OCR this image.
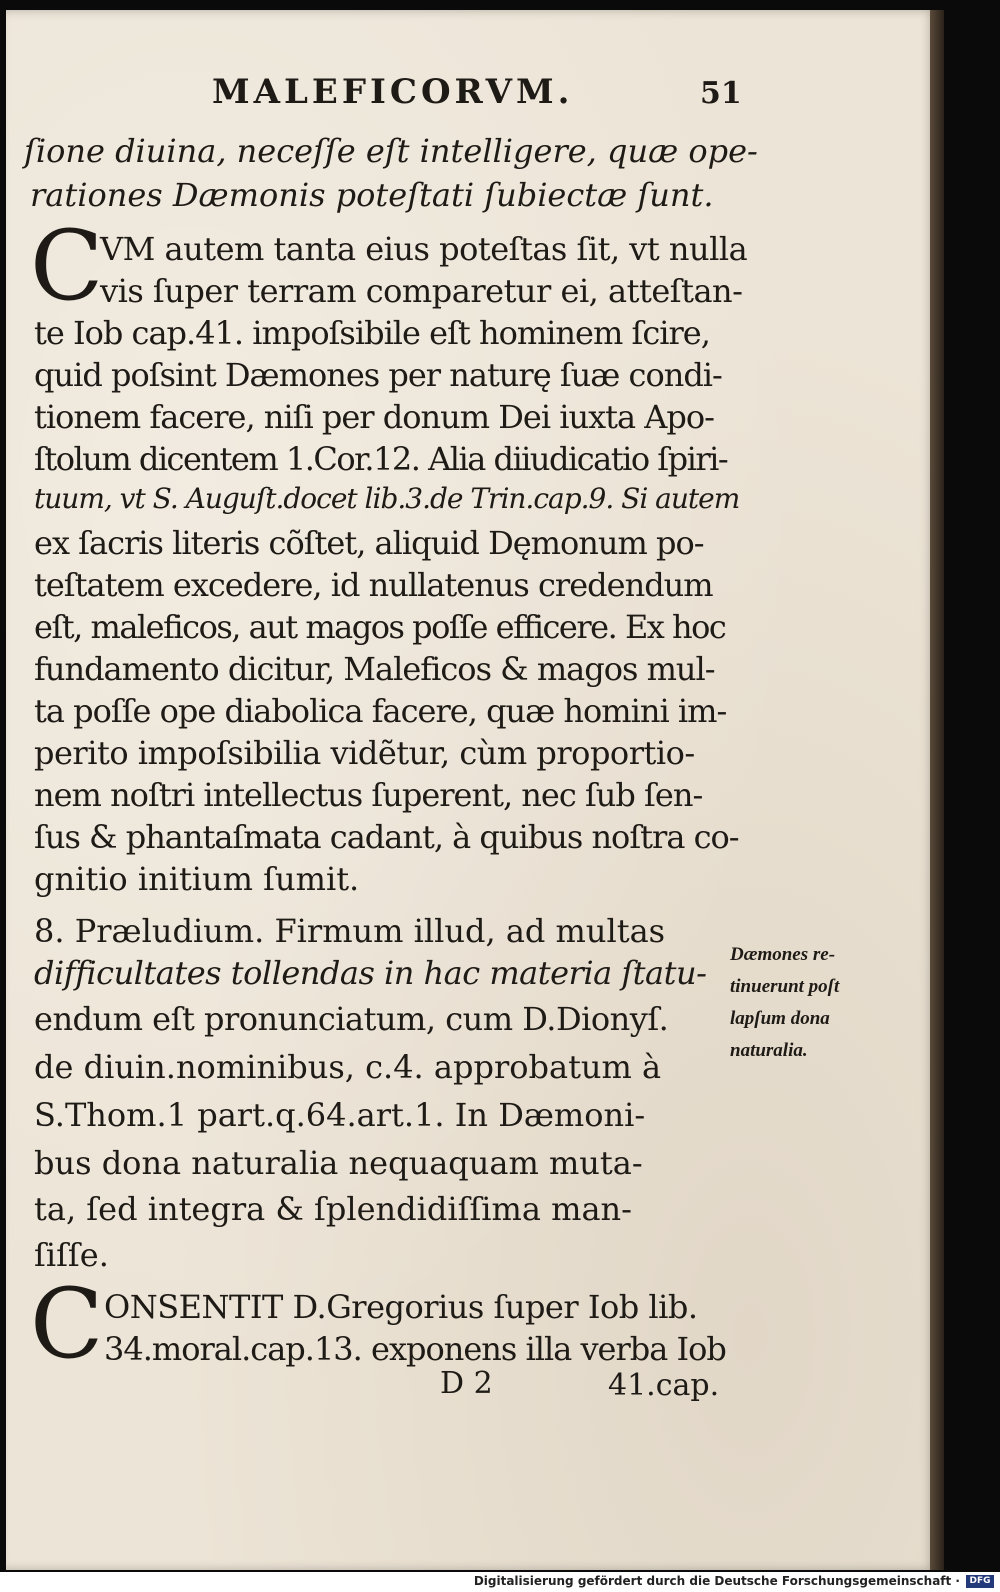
MALEFICORVM.	51
C
C
ſione diuina, neceſſe eſt intelligere, quæ ope-
rationes Dæmonis poteſtati ſubiectæ ſunt.
VM autem tanta eius poteſtas ſit, vt nulla
vis ſuper terram comparetur ei, atteſtan-
te Iob cap.41. impoſsibile eſt hominem ſcire,
quid poſsint Dæmones per naturę ſuæ condi-
tionem facere, niſi per donum Dei iuxta Apo-
ſtolum dicentem 1.Cor.12. Alia diiudicatio ſpiri-
tuum, vt S. Auguſt.docet lib.3.de Trin.cap.9. Si autem
ex ſacris literis cõſtet, aliquid Dęmonum po-
teſtatem excedere, id nullatenus credendum
eſt, maleficos, aut magos poſſe efficere. Ex hoc
fundamento dicitur, Maleficos & magos mul-
ta poſſe ope diabolica facere, quæ homini im-
perito impoſsibilia vidẽtur, cùm proportio-
nem noſtri intellectus ſuperent, nec ſub ſen-
ſus & phantaſmata cadant, à quibus noſtra co-
gnitio initium ſumit.
8. Præludium. Firmum illud, ad multas
difficultates tollendas in hac materia ſtatu-
endum eſt pronunciatum, cum D.Dionyſ.
de diuin.nominibus, c.4. approbatum à
S.Thom.1 part.q.64.art.1. In Dæmoni-
bus dona naturalia nequaquam muta-
ta, ſed integra & ſplendidiſſima man-
ſiſſe.
ONSENTIT D.Gregorius ſuper Iob lib.
34.moral.cap.13. exponens illa verba Iob
Dæmones re-
tinuerunt poſt
lapſum dona
naturalia.
D 2	41.cap.
Digitalisierung gefördert durch die Deutsche Forschungsgemeinschaft ·	DFG
